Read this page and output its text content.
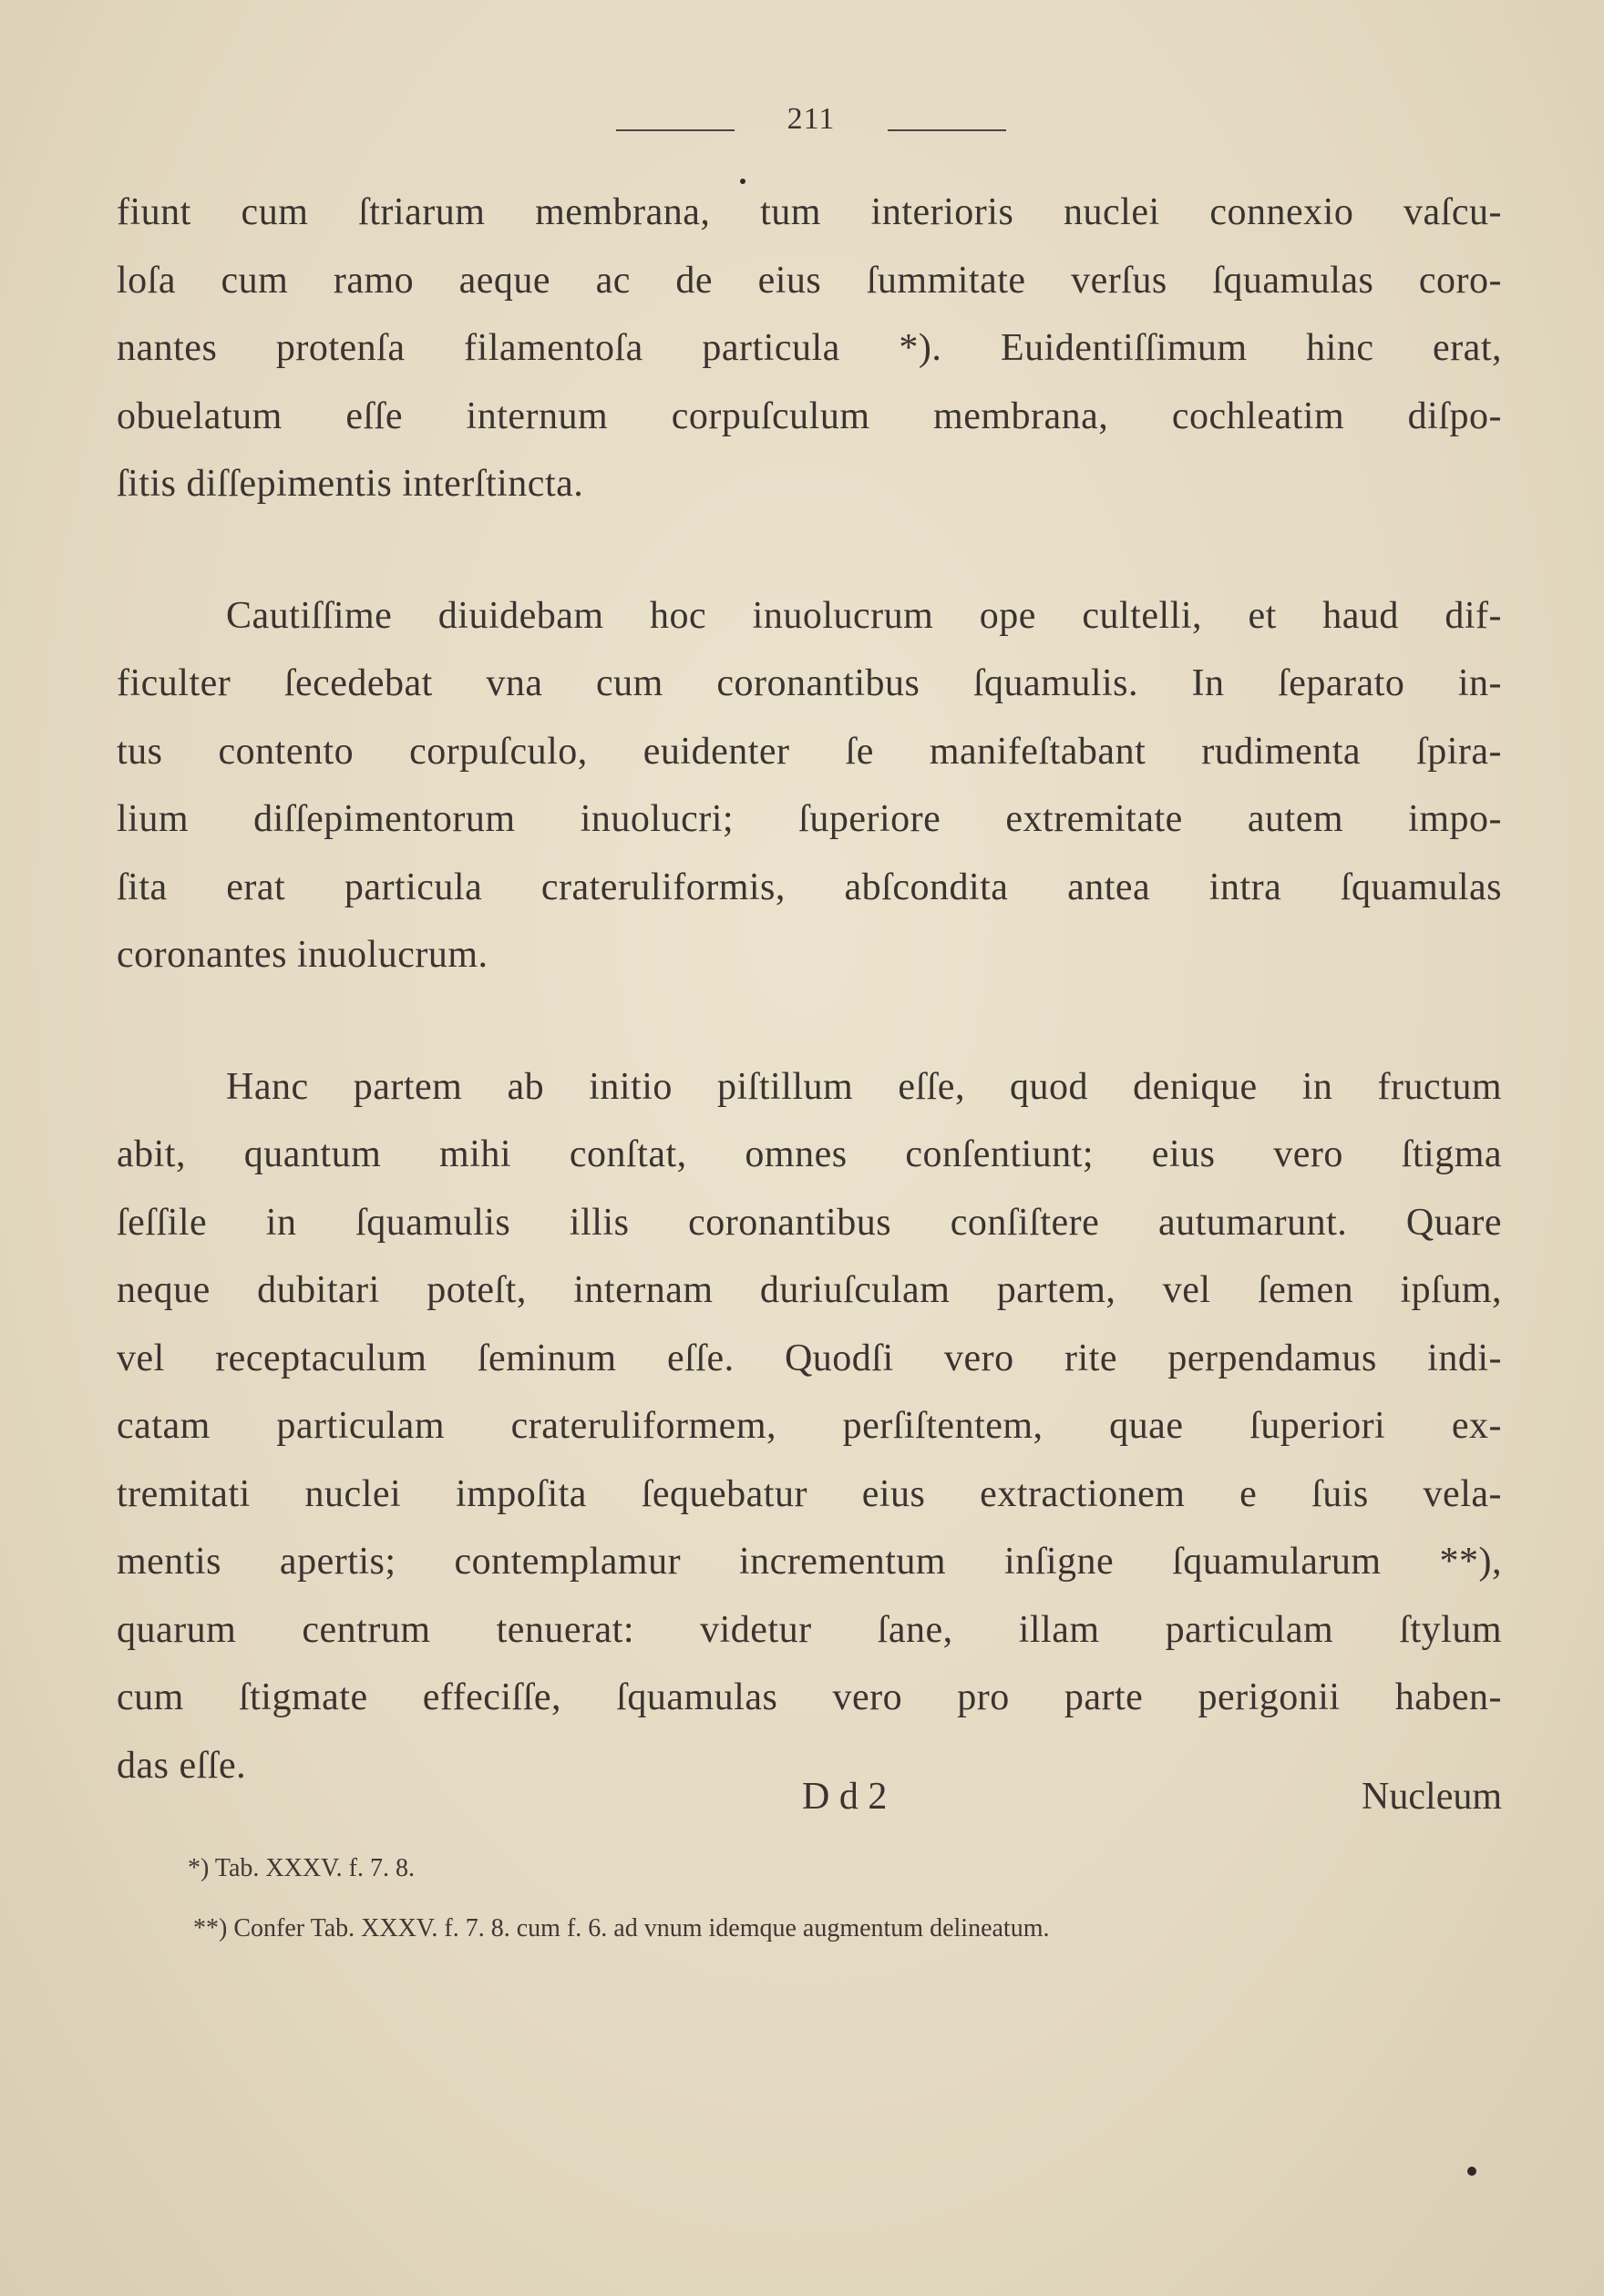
211

fiunt cum ſtriarum membrana, tum interioris nuclei connexio vaſcu-
loſa cum ramo aeque ac de eius ſummitate verſus ſquamulas coro-
nantes protenſa filamentoſa particula *). Euidentiſſimum hinc erat,
obuelatum eſſe internum corpuſculum membrana, cochleatim diſpo-
ſitis diſſepimentis interſtincta.

Cautiſſime diuidebam hoc inuolucrum ope cultelli, et haud dif-
ficulter ſecedebat vna cum coronantibus ſquamulis. In ſeparato in-
tus contento corpuſculo, euidenter ſe manifeſtabant rudimenta ſpira-
lium diſſepimentorum inuolucri; ſuperiore extremitate autem impo-
ſita erat particula crateruliformis, abſcondita antea intra ſquamulas
coronantes inuolucrum.

Hanc partem ab initio piſtillum eſſe, quod denique in fructum
abit, quantum mihi conſtat, omnes conſentiunt; eius vero ſtigma
ſeſſile in ſquamulis illis coronantibus conſiſtere autumarunt. Quare
neque dubitari poteſt, internam duriuſculam partem, vel ſemen ipſum,
vel receptaculum ſeminum eſſe. Quodſi vero rite perpendamus indi-
catam particulam crateruliformem, perſiſtentem, quae ſuperiori ex-
tremitati nuclei impoſita ſequebatur eius extractionem e ſuis vela-
mentis apertis; contemplamur incrementum inſigne ſquamularum **),
quarum centrum tenuerat: videtur ſane, illam particulam ſtylum
cum ſtigmate effeciſſe, ſquamulas vero pro parte perigonii haben-
das eſſe.

D d 2	Nucleum
*) Tab. XXXV. f. 7. 8.
**) Confer Tab. XXXV. f. 7. 8. cum f. 6. ad vnum idemque augmentum delineatum.
